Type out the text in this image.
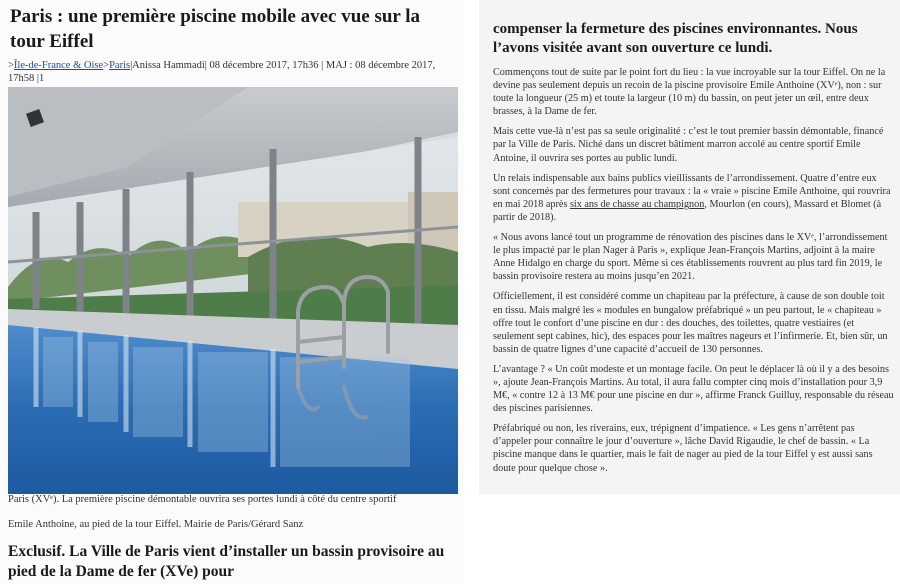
Paris : une première piscine mobile avec vue sur la tour Eiffel
>Île-de-France & Oise>Paris|Anissa Hammadi| 08 décembre 2017, 17h36 | MAJ : 08 décembre 2017, 17h58 |1
Paris (XVᵉ). La première piscine démontable ouvrira ses portes lundi à côté du centre sportif
Emile Anthoine, au pied de la tour Eiffel. Mairie de Paris/Gérard Sanz
Exclusif. La Ville de Paris vient d’installer un bassin provisoire au pied de la Dame de fer (XVe) pour
compenser la fermeture des piscines environnantes. Nous l’avons visitée avant son ouverture ce lundi.

Commençons tout de suite par le point fort du lieu : la vue incroyable sur la tour Eiffel. On ne la devine pas seulement depuis un recoin de la piscine provisoire Emile Anthoine (XVᵉ), non : sur toute la longueur (25 m) et toute la largeur (10 m) du bassin, on peut jeter un œil, entre deux brasses, à la Dame de fer.

Mais cette vue-là n’est pas sa seule originalité : c’est le tout premier bassin démontable, financé par la Ville de Paris. Niché dans un discret bâtiment marron accolé au centre sportif Emile Antoine, il ouvrira ses portes au public lundi.

Un relais indispensable aux bains publics vieillissants de l’arrondissement. Quatre d’entre eux sont concernés par des fermetures pour travaux : la « vraie » piscine Emile Anthoine, qui rouvrira en mai 2018 après six ans de chasse au champignon, Mourlon (en cours), Massard et Blomet (à partir de 2018).

« Nous avons lancé tout un programme de rénovation des piscines dans le XVᵉ, l’arrondissement le plus impacté par le plan Nager à Paris », explique Jean-François Martins, adjoint à la maire Anne Hidalgo en charge du sport. Même si ces établissements rouvrent au plus tard fin 2019, le bassin provisoire restera au moins jusqu’en 2021.

Officiellement, il est considéré comme un chapiteau par la préfecture, à cause de son double toit en tissu. Mais malgré les « modules en bungalow préfabriqué » un peu partout, le « chapiteau » offre tout le confort d’une piscine en dur : des douches, des toilettes, quatre vestiaires (et seulement sept cabines, hic), des espaces pour les maîtres nageurs et l’infirmerie. Et, bien sûr, un bassin de quatre lignes d’une capacité d’accueil de 130 personnes.

L’avantage ? « Un coût modeste et un montage facile. On peut le déplacer là où il y a des besoins », ajoute Jean-François Martins. Au total, il aura fallu compter cinq mois d’installation pour 3,9 M€, « contre 12 à 13 M€ pour une piscine en dur », affirme Franck Guilluy, responsable du réseau des piscines parisiennes.

Préfabriqué ou non, les riverains, eux, trépignent d’impatience. « Les gens n’arrêtent pas d’appeler pour connaître le jour d’ouverture », lâche David Rigaudie, le chef de bassin. « La piscine manque dans le quartier, mais le fait de nager au pied de la tour Eiffel y est aussi sans doute pour quelque chose ».
